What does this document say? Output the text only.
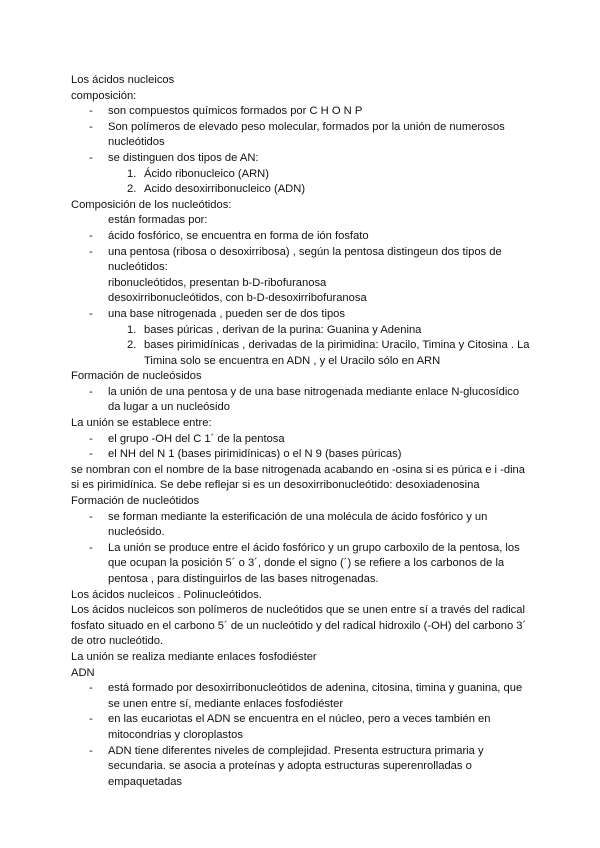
Los ácidos nucleicos

composición:

- son compuestos químicos formados por C H O N P
- Son polímeros de elevado peso molecular, formados por la unión de numerosos nucleótidos
- se distinguen dos tipos de AN:
1. Ácido ribonucleico (ARN)
2. Acido desoxirribonucleico (ADN)

Composición de los nucleótidos:

están formadas por:

- ácido fosfórico, se encuentra en forma de ión fosfato
- una pentosa (ribosa o desoxirribosa) , según la pentosa distingeun dos tipos de nucleótidos:

ribonucleótidos, presentan b-D-ribofuranosa

desoxirribonucleótidos, con b-D-desoxirribofuranosa

- una base nitrogenada , pueden ser de dos tipos
1. bases púricas , derivan de la purina: Guanina y Adenina
2. bases pirimidínicas , derivadas de la pirimidina: Uracilo, Timina y Citosina . La Timina solo se encuentra en ADN , y el Uracilo sólo en ARN

Formación de nucleósidos

- la unión de una pentosa y de una base nitrogenada mediante enlace N-glucosídico da lugar a un nucleósido

La unión se establece entre:

- el grupo -OH del C 1´ de la pentosa
- el NH del N 1 (bases pirimidínicas) o el N 9 (bases púricas)

se nombran con el nombre de la base nitrogenada acabando en -osina si es púrica e i -dina si es pirimidínica. Se debe reflejar si es un desoxirribonucleótido: desoxiadenosina

Formación de nucleótidos

- se forman mediante la esterificación de una molécula de ácido fosfórico y un nucleósido.
- La unión se produce entre el ácido fosfórico y un grupo carboxilo de la pentosa, los que ocupan la posición 5´ o 3´, donde el signo (´) se refiere a los carbonos de la pentosa , para distinguirlos de las bases nitrogenadas.

Los ácidos nucleicos . Polinucleótidos.

Los ácidos nucleicos son polímeros de nucleótidos que se unen entre sí a través del radical fosfato situado en el carbono 5´ de un nucleótido y del radical hidroxilo (-OH) del carbono 3´ de otro nucleótido.

La unión se realiza mediante enlaces fosfodiéster

ADN

- está formado por desoxirribonucleótidos de adenina, citosina, timina y guanina, que se unen entre sí, mediante enlaces fosfodiéster
- en las eucariotas el ADN se encuentra en el núcleo, pero a veces también en mitocondrias y cloroplastos
- ADN tiene diferentes niveles de complejidad. Presenta estructura primaria y secundaria. se asocia a proteínas y adopta estructuras superenrolladas o empaquetadas
